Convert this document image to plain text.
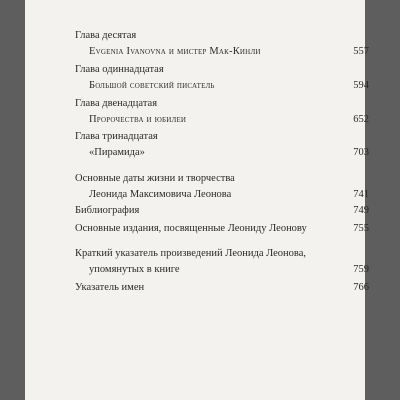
Глава десятая
Evgenia Ivanovna и мистер Мак-Кинли	557
Глава одиннадцатая
Большой советский писатель	594
Глава двенадцатая
Пророчества и юбилеи	652
Глава тринадцатая
«Пирамида»	703
Основные даты жизни и творчества
Леонида Максимовича Леонова	741
Библиография	749
Основные издания, посвященные Леониду Леонову	755
Краткий указатель произведений Леонида Леонова,
упомянутых в книге	759
Указатель имен	766
